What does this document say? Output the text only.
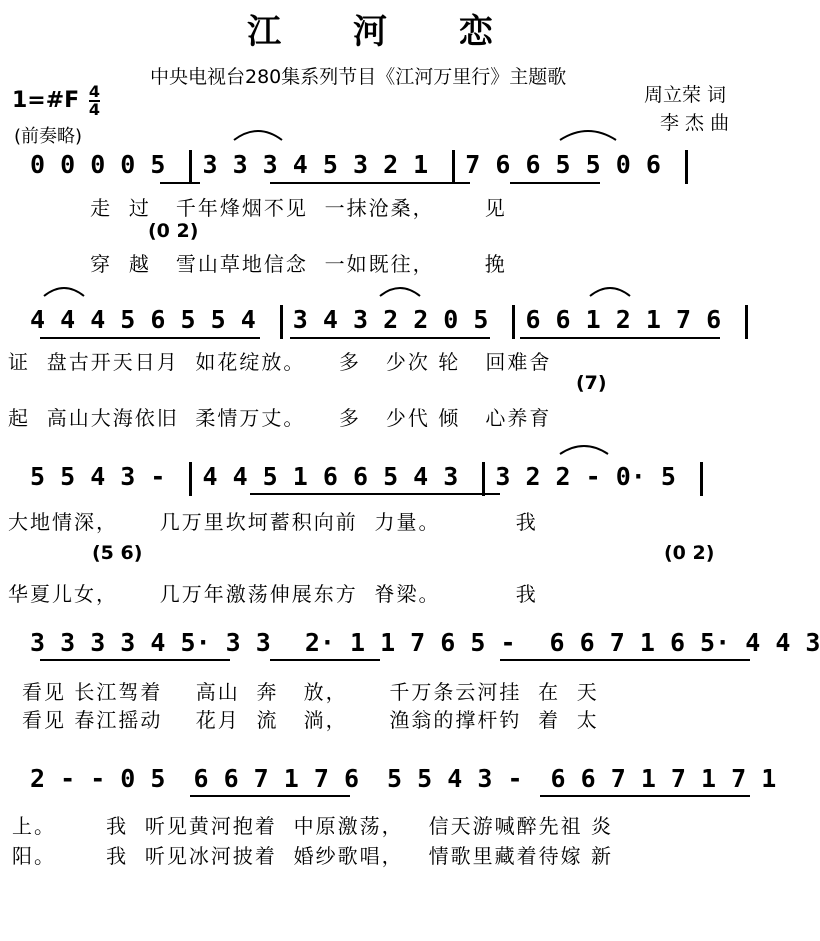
江 河 恋
中央电视台280集系列节目《江河万里行》主题歌
周立荣 词
李 杰 曲
1=#F $\frac{4}{4}$
(前奏略)
0 0 0 0 5 3 3 3 4 5 3 2 1 7 6 6 5 5 0 6
走  过   千年烽烟不见  一抹沧桑，      见
(0 2)
穿  越   雪山草地信念  一如既往，      挽
4 4 4 5 6 5 5 4 3 4 3 2 2 0 5 6 6 1 2 1 7 6
证  盘古开天日月  如花绽放。    多   少次 轮   回难舍
(7)
起  高山大海依旧  柔情万丈。    多   少代 倾   心养育
5 5 4 3 - 4 4 5 1 6 6 5 4 3 3 2 2 - 0· 5
大地情深，     几万里坎坷蓄积向前  力量。         我
(5 6)	(0 2)
华夏儿女，     几万年激荡伸展东方  脊梁。         我
3 3 3 3 4 5· 3 3 2· 1 1 7 6 5 - 6 6 7 1 6 5· 4 4 3
看见 长江驾着    高山  奔   放，     千万条云河挂  在  天
看见 春江摇动    花月  流   淌，     渔翁的撑杆钓  着  太
2 - - 0 5 6 6 7 1 7 6 5 5 4 3 - 6 6 7 1 7 1 7 1
上。      我  听见黄河抱着  中原激荡，   信天游喊醉先祖 炎
阳。      我  听见冰河披着  婚纱歌唱，   情歌里藏着待嫁 新
